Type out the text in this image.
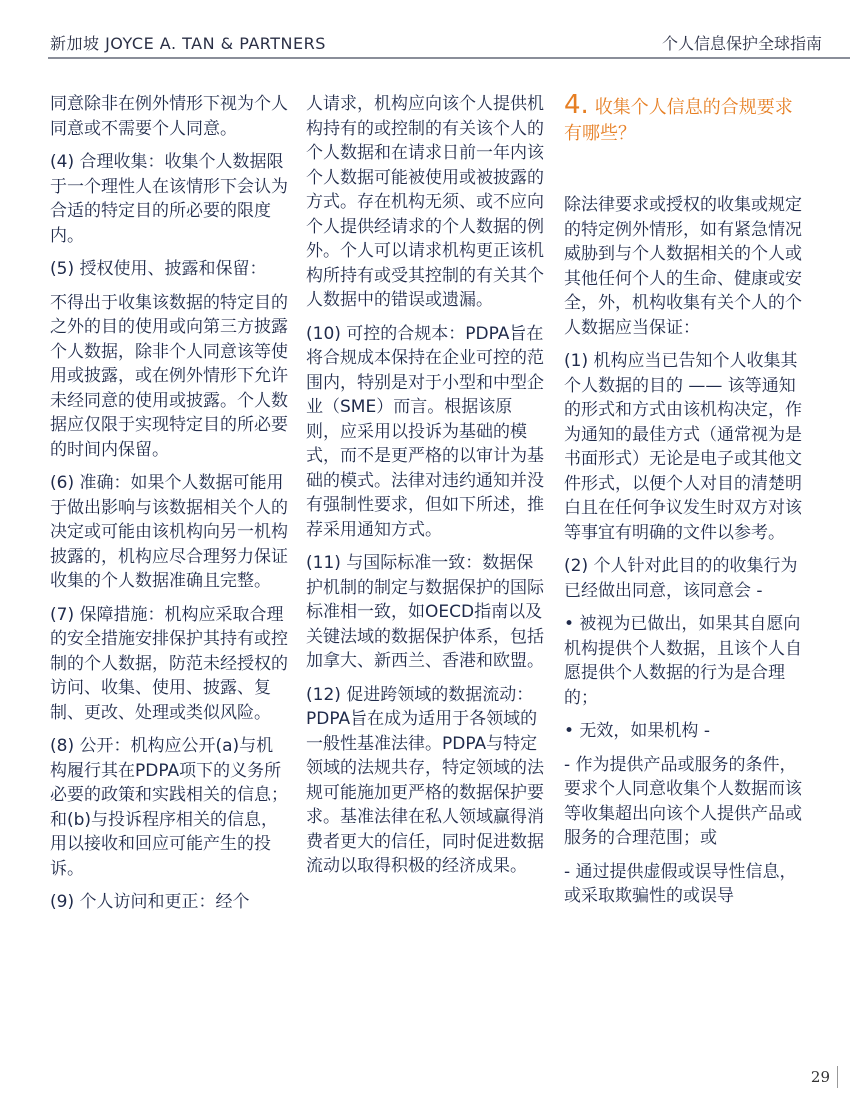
新加坡 JOYCE A. TAN & PARTNERS	个人信息保护全球指南

同意除非在例外情形下视为个人同意或不需要个人同意。

(4) 合理收集：收集个人数据限于一个理性人在该情形下会认为合适的特定目的所必要的限度内。

(5) 授权使用、披露和保留：

不得出于收集该数据的特定目的之外的目的使用或向第三方披露个人数据，除非个人同意该等使用或披露，或在例外情形下允许未经同意的使用或披露。个人数据应仅限于实现特定目的所必要的时间内保留。

(6) 准确：如果个人数据可能用于做出影响与该数据相关个人的决定或可能由该机构向另一机构披露的，机构应尽合理努力保证收集的个人数据准确且完整。

(7) 保障措施：机构应采取合理的安全措施安排保护其持有或控制的个人数据，防范未经授权的访问、收集、使用、披露、复制、更改、处理或类似风险。

(8) 公开：机构应公开(a)与机构履行其在PDPA项下的义务所必要的政策和实践相关的信息；和(b)与投诉程序相关的信息，用以接收和回应可能产生的投诉。

(9) 个人访问和更正：经个

人请求，机构应向该个人提供机构持有的或控制的有关该个人的个人数据和在请求日前一年内该个人数据可能被使用或被披露的方式。存在机构无须、或不应向个人提供经请求的个人数据的例外。个人可以请求机构更正该机构所持有或受其控制的有关其个人数据中的错误或遗漏。

(10) 可控的合规本：PDPA旨在将合规成本保持在企业可控的范围内，特别是对于小型和中型企业（SME）而言。根据该原则，应采用以投诉为基础的模式，而不是更严格的以审计为基础的模式。法律对违约通知并没有强制性要求，但如下所述，推荐采用通知方式。

(11) 与国际标准一致：数据保护机制的制定与数据保护的国际标准相一致，如OECD指南以及关键法域的数据保护体系，包括加拿大、新西兰、香港和欧盟。

(12) 促进跨领域的数据流动：PDPA旨在成为适用于各领域的一般性基准法律。PDPA与特定领域的法规共存，特定领域的法规可能施加更严格的数据保护要求。基准法律在私人领域赢得消费者更大的信任，同时促进数据流动以取得积极的经济成果。

4. 收集个人信息的合规要求有哪些？

除法律要求或授权的收集或规定的特定例外情形，如有紧急情况威胁到与个人数据相关的个人或其他任何个人的生命、健康或安全，外，机构收集有关个人的个人数据应当保证：

(1) 机构应当已告知个人收集其个人数据的目的 —— 该等通知的形式和方式由该机构决定，作为通知的最佳方式（通常视为是书面形式）无论是电子或其他文件形式，以便个人对目的清楚明白且在任何争议发生时双方对该等事宜有明确的文件以参考。

(2) 个人针对此目的的收集行为已经做出同意，该同意会 -

• 被视为已做出，如果其自愿向机构提供个人数据，且该个人自愿提供个人数据的行为是合理的；

• 无效，如果机构 -

- 作为提供产品或服务的条件，要求个人同意收集个人数据而该等收集超出向该个人提供产品或服务的合理范围；或

- 通过提供虚假或误导性信息，或采取欺骗性的或误导

29
